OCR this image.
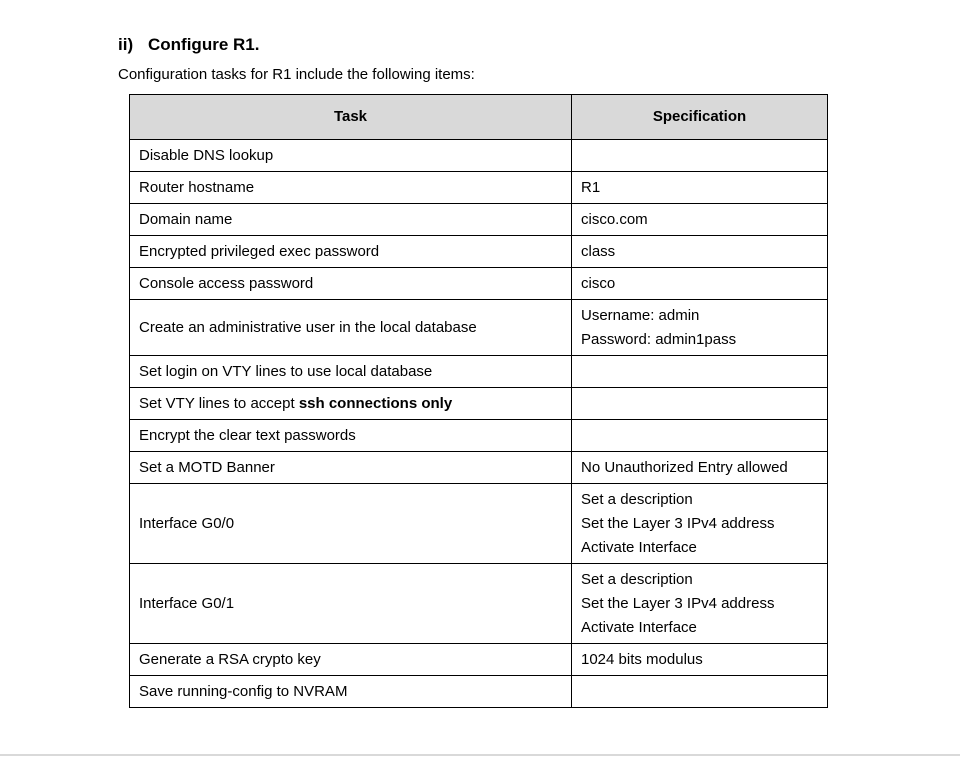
ii) Configure R1.
Configuration tasks for R1 include the following items:
Task	Specification
Disable DNS lookup	
Router hostname	R1

Domain name	cisco.com

Encrypted privileged exec password	class

Console access password	cisco

Create an administrative user in the local database	Username: admin
Password: admin1pass

Set login on VTY lines to use local database	
Set VTY lines to accept ssh connections only	
Encrypt the clear text passwords	
Set a MOTD Banner	No Unauthorized Entry allowed

Interface G0/0	Set a description
Set the Layer 3 IPv4 address
Activate Interface

Interface G0/1	Set a description
Set the Layer 3 IPv4 address
Activate Interface

Generate a RSA crypto key	1024 bits modulus

Save running-config to NVRAM	
